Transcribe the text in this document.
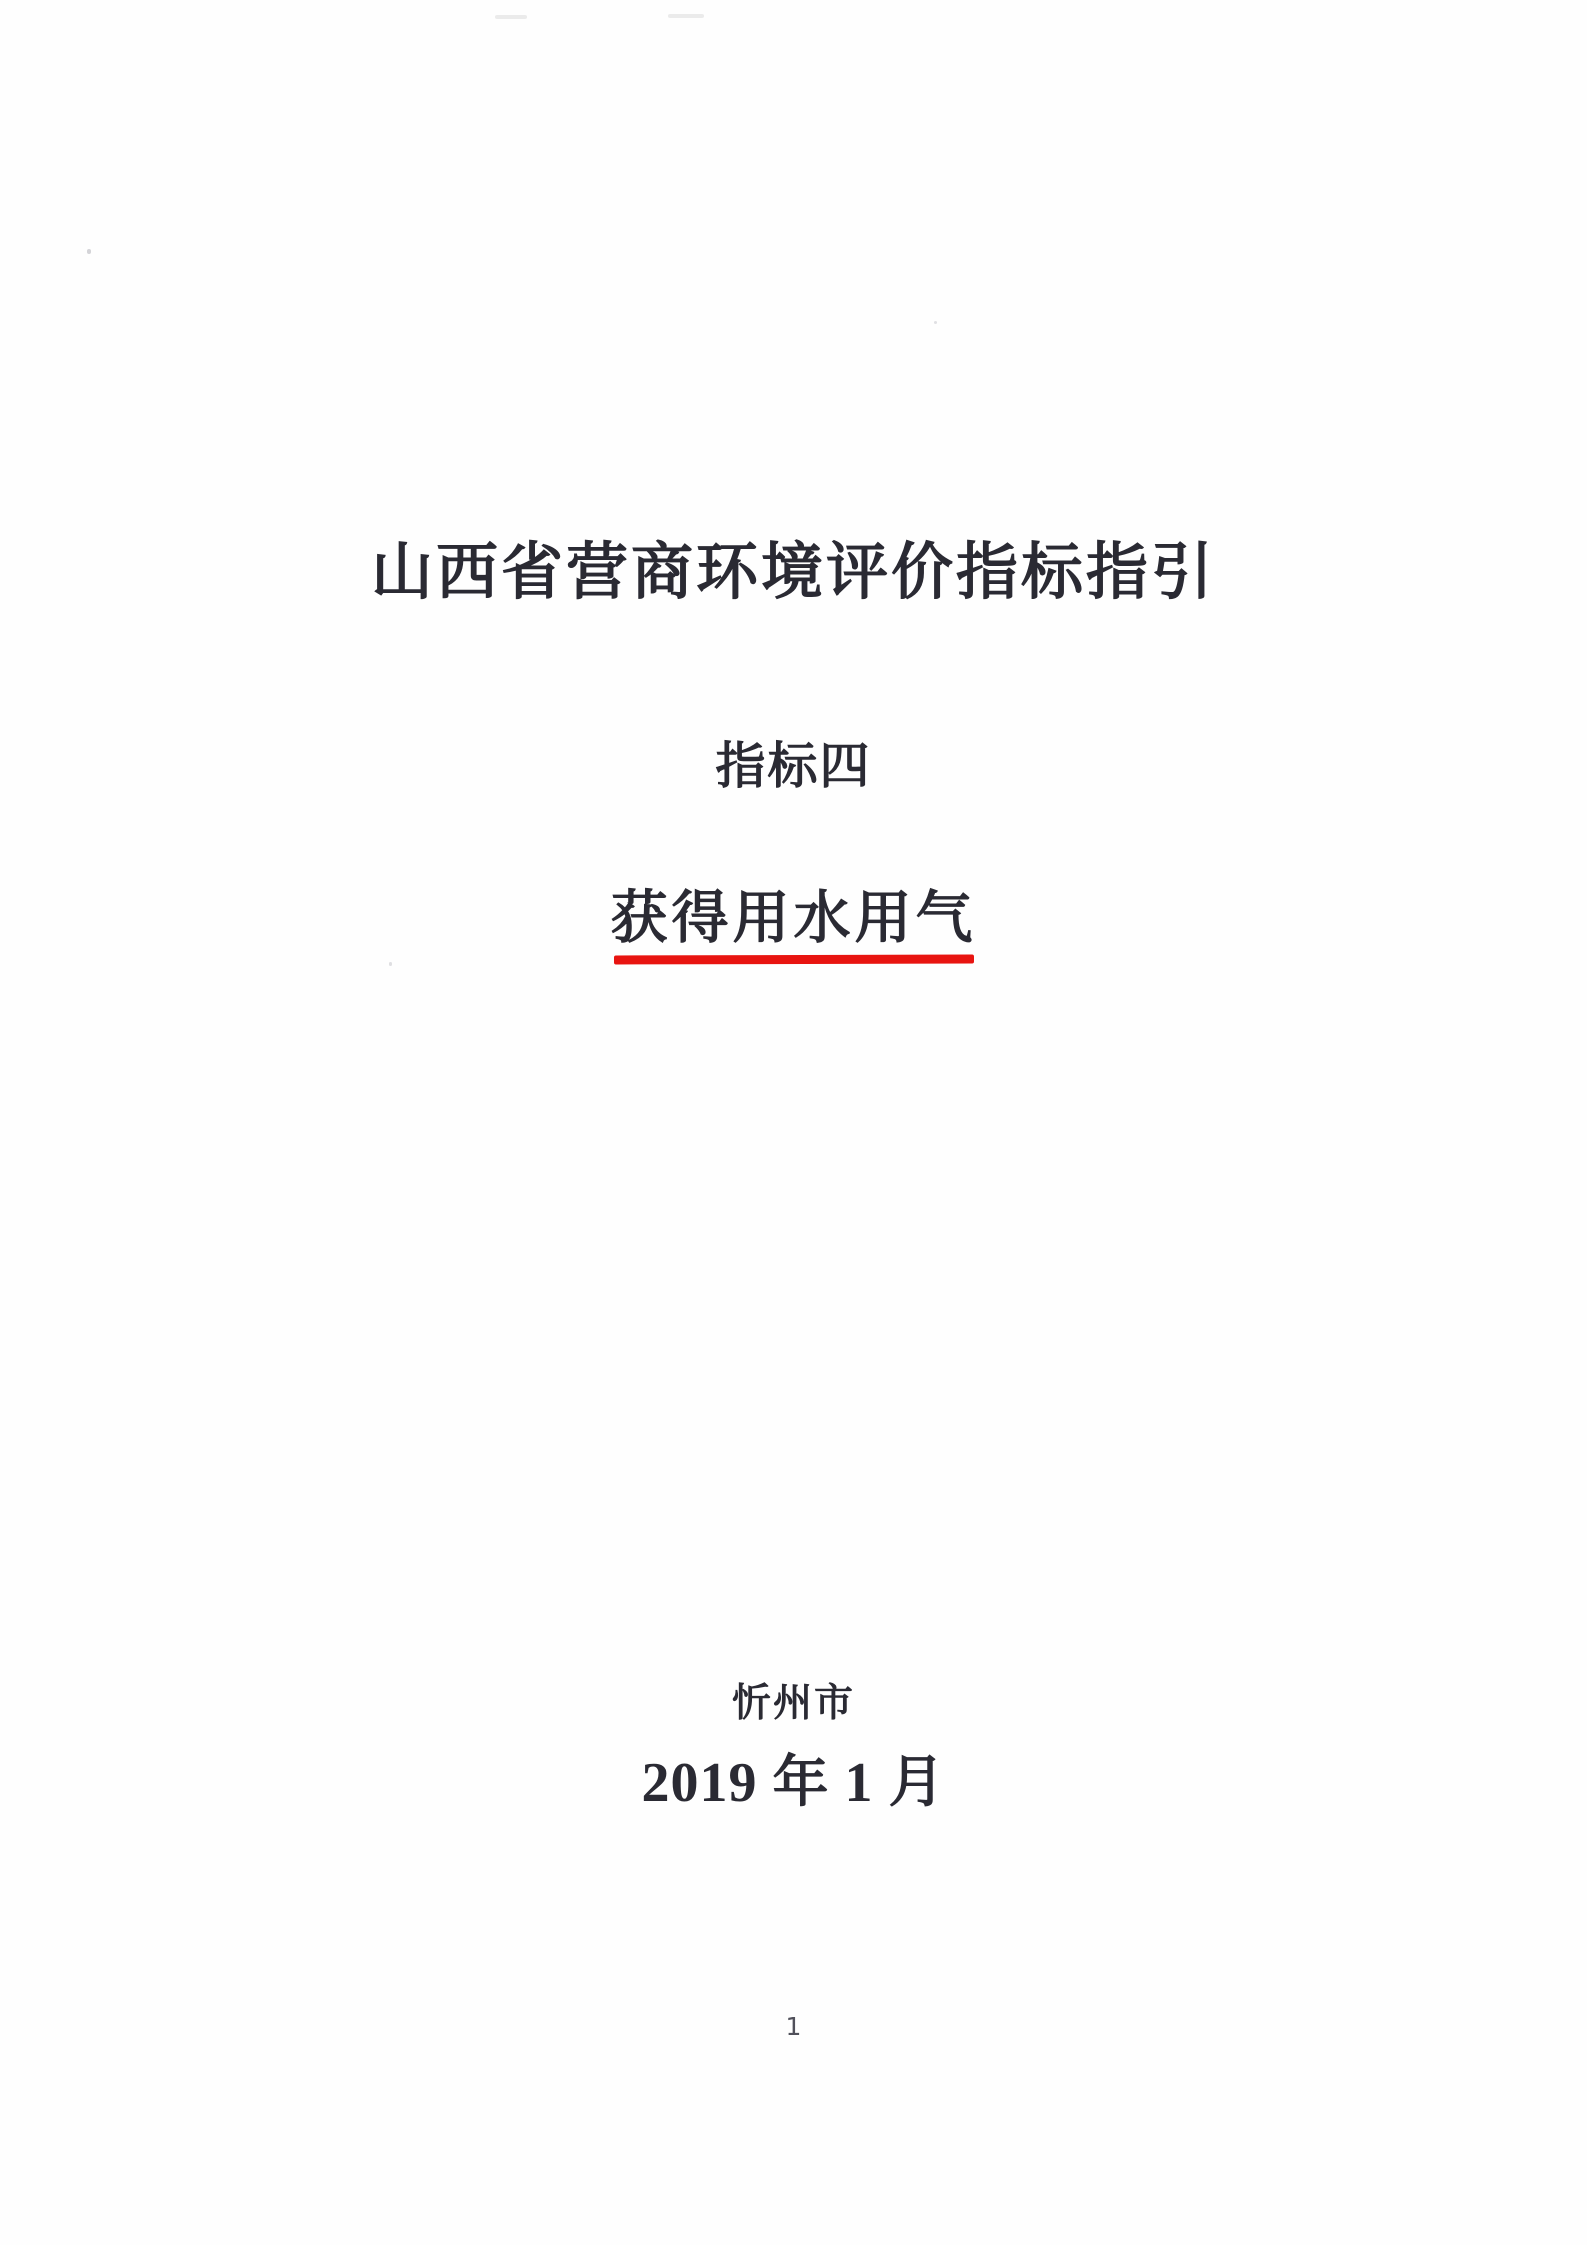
山西省营商环境评价指标指引
指标四
获得用水用气
忻州市
2019 年 1 月
1
